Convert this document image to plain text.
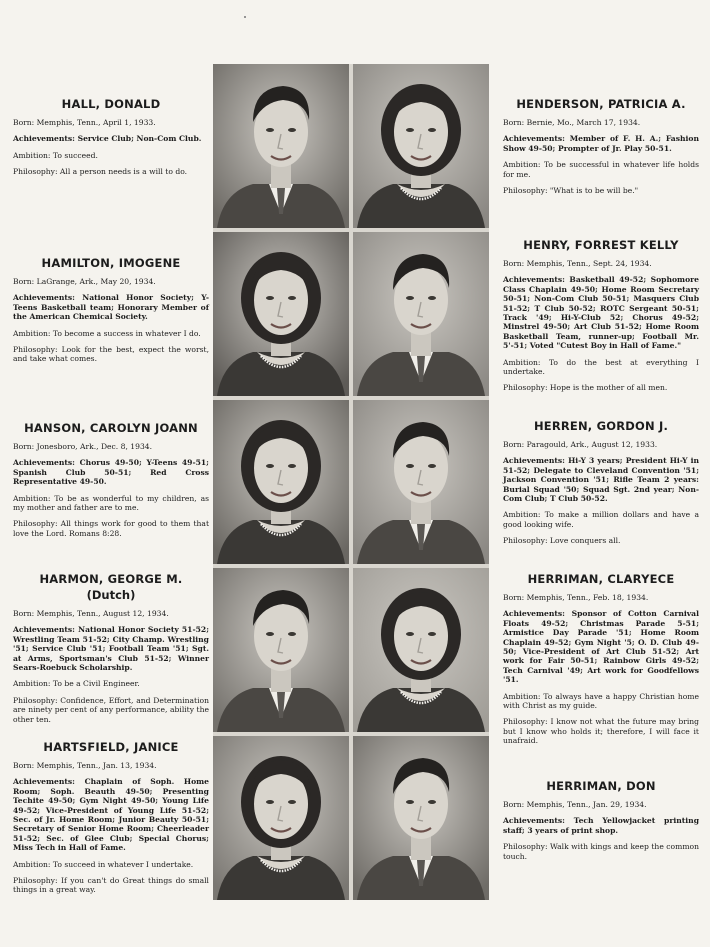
HALL, DONALD

Born: Memphis, Tenn., April 1, 1933.

Achievements: Service Club; Non-Com Club.

Ambition: To succeed.

Philosophy: All a person needs is a will to do.

HAMILTON, IMOGENE

Born: LaGrange, Ark., May 20, 1934.

Achievements: National Honor Society; Y-Teens Basketball team; Honorary Member of the American Chemical Society.

Ambition: To become a success in whatever I do.

Philosophy: Look for the best, expect the worst, and take what comes.

HANSON, CAROLYN JOANN

Born: Jonesboro, Ark., Dec. 8, 1934.

Achievements: Chorus 49-50; Y-Teens 49-51; Spanish Club 50-51; Red Cross Representative 49-50.

Ambition: To be as wonderful to my children, as my mother and father are to me.

Philosophy: All things work for good to them that love the Lord. Romans 8:28.

HARMON, GEORGE M.
(Dutch)

Born: Memphis, Tenn., August 12, 1934.

Achievements: National Honor Society 51-52; Wrestling Team 51-52; City Champ. Wrestling '51; Service Club '51; Football Team '51; Sgt. at Arms, Sportsman's Club 51-52; Winner Sears-Roebuck Scholarship.

Ambition: To be a Civil Engineer.

Philosophy: Confidence, Effort, and Determination are ninety per cent of any performance, ability the other ten.

HARTSFIELD, JANICE

Born: Memphis, Tenn., Jan. 13, 1934.

Achievements: Chaplain of Soph. Home Room; Soph. Beauth 49-50; Presenting Techite 49-50; Gym Night 49-50; Young Life 49-52; Vice-President of Young Life 51-52; Sec. of Jr. Home Room; Junior Beauty 50-51; Secretary of Senior Home Room; Cheerleader 51-52; Sec. of Glee Club; Special Chorus; Miss Tech in Hall of Fame.

Ambition: To succeed in whatever I undertake.

Philosophy: If you can't do Great things do small things in a great way.

HENDERSON, PATRICIA A.

Born: Bernie, Mo., March 17, 1934.

Achievements: Member of F. H. A.; Fashion Show 49-50; Prompter of Jr. Play 50-51.

Ambition: To be successful in whatever life holds for me.

Philosophy: "What is to be will be."

HENRY, FORREST KELLY

Born: Memphis, Tenn., Sept. 24, 1934.

Achievements: Basketball 49-52; Sophomore Class Chaplain 49-50; Home Room Secretary 50-51; Non-Com Club 50-51; Masquers Club 51-52; T Club 50-52; ROTC Sergeant 50-51; Track '49; Hi-Y-Club 52; Chorus 49-52; Minstrel 49-50; Art Club 51-52; Home Room Basketball Team, runner-up; Football Mr. 5'-51; Voted "Cutest Boy in Hall of Fame."

Ambition: To do the best at everything I undertake.

Philosophy: Hope is the mother of all men.

HERREN, GORDON J.

Born: Paragould, Ark., August 12, 1933.

Achievements: Hi-Y 3 years; President Hi-Y in 51-52; Delegate to Cleveland Convention '51; Jackson Convention '51; Rifle Team 2 years: Burial Squad '50; Squad Sgt. 2nd year; Non-Com Club; T Club 50-52.

Ambition: To make a million dollars and have a good looking wife.

Philosophy: Love conquers all.

HERRIMAN, CLARYECE

Born: Memphis, Tenn., Feb. 18, 1934.

Achievements: Sponsor of Cotton Carnival Floats 49-52; Christmas Parade 5-51; Armistice Day Parade '51; Home Room Chaplain 49-52; Gym Night '5; O. D. Club 49-50; Vice-President of Art Club 51-52; Art work for Fair 50-51; Rainbow Girls 49-52; Tech Carnival '49; Art work for Goodfellows '51.

Ambition: To always have a happy Christian home with Christ as my guide.

Philosophy: I know not what the future may bring but I know who holds it; therefore, I will face it unafraid.

HERRIMAN, DON

Born: Memphis, Tenn., Jan. 29, 1934.

Achievements: Tech Yellowjacket printing staff; 3 years of print shop.

Philosophy: Walk with kings and keep the common touch.
